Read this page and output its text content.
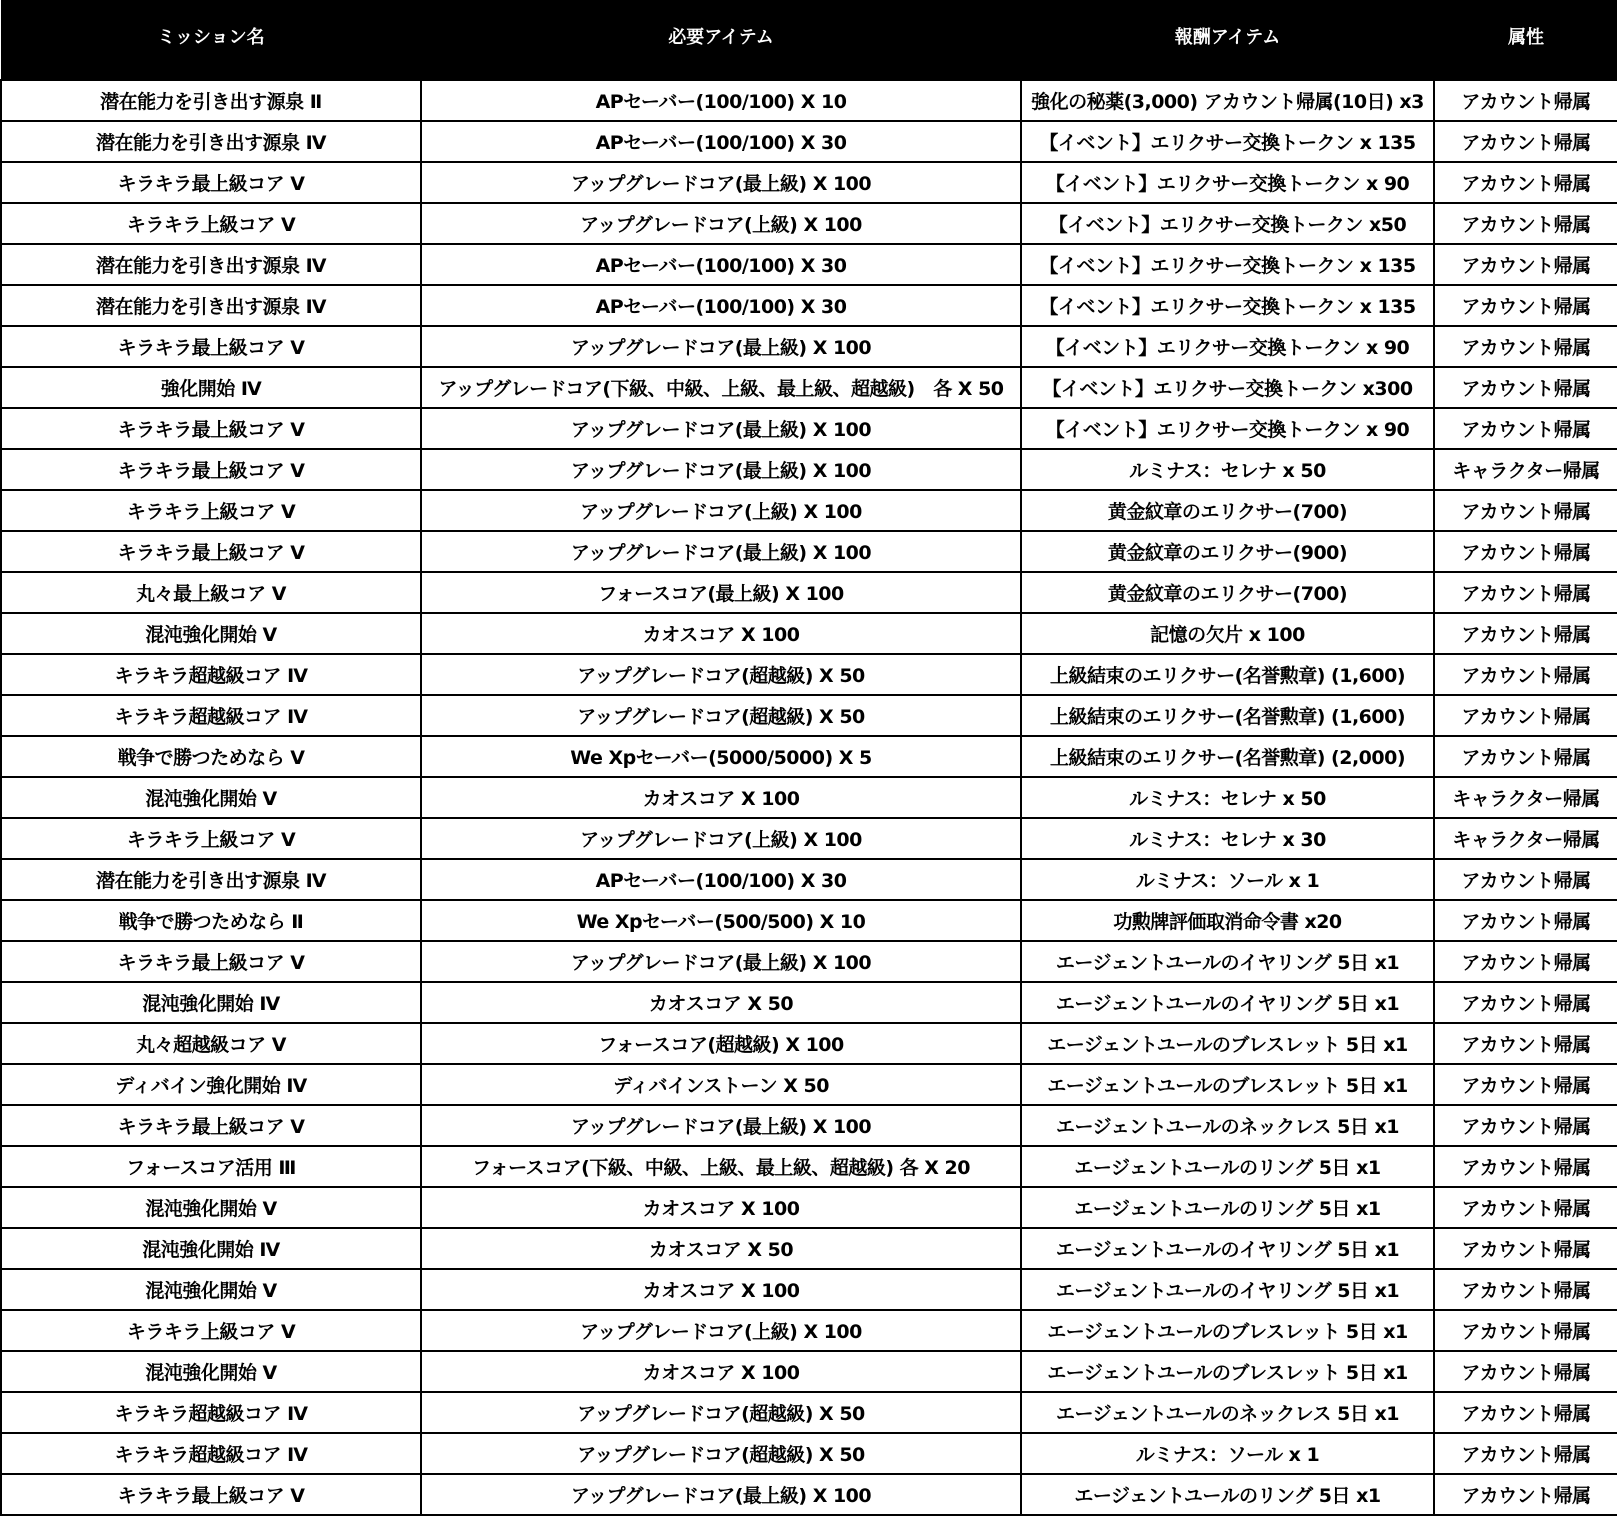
ミッション名	必要アイテム	報酬アイテム	属性
潜在能力を引き出す源泉 Ⅱ	APセーバー(100/100) X 10	強化の秘薬(3,000) アカウント帰属(10日) x3	アカウント帰属
潜在能力を引き出す源泉 Ⅳ	APセーバー(100/100) X 30	【イベント】エリクサー交換トークン x 135	アカウント帰属
キラキラ最上級コア V	アップグレードコア(最上級) X 100	【イベント】エリクサー交換トークン x 90	アカウント帰属
キラキラ上級コア V	アップグレードコア(上級) X 100	【イベント】エリクサー交換トークン x50	アカウント帰属
潜在能力を引き出す源泉 Ⅳ	APセーバー(100/100) X 30	【イベント】エリクサー交換トークン x 135	アカウント帰属
潜在能力を引き出す源泉 Ⅳ	APセーバー(100/100) X 30	【イベント】エリクサー交換トークン x 135	アカウント帰属
キラキラ最上級コア V	アップグレードコア(最上級) X 100	【イベント】エリクサー交換トークン x 90	アカウント帰属
強化開始 Ⅳ	アップグレードコア(下級、中級、上級、最上級、超越級)　各 X 50	【イベント】エリクサー交換トークン x300	アカウント帰属
キラキラ最上級コア V	アップグレードコア(最上級) X 100	【イベント】エリクサー交換トークン x 90	アカウント帰属
キラキラ最上級コア V	アップグレードコア(最上級) X 100	ルミナス：セレナ x 50	キャラクター帰属
キラキラ上級コア V	アップグレードコア(上級) X 100	黄金紋章のエリクサー(700)	アカウント帰属
キラキラ最上級コア V	アップグレードコア(最上級) X 100	黄金紋章のエリクサー(900)	アカウント帰属
丸々最上級コア V	フォースコア(最上級) X 100	黄金紋章のエリクサー(700)	アカウント帰属
混沌強化開始 V	カオスコア X 100	記憶の欠片 x 100	アカウント帰属
キラキラ超越級コア Ⅳ	アップグレードコア(超越級) X 50	上級結束のエリクサー(名誉勲章) (1,600)	アカウント帰属
キラキラ超越級コア Ⅳ	アップグレードコア(超越級) X 50	上級結束のエリクサー(名誉勲章) (1,600)	アカウント帰属
戦争で勝つためなら V	We Xpセーバー(5000/5000) X 5	上級結束のエリクサー(名誉勲章) (2,000)	アカウント帰属
混沌強化開始 V	カオスコア X 100	ルミナス：セレナ x 50	キャラクター帰属
キラキラ上級コア V	アップグレードコア(上級) X 100	ルミナス：セレナ x 30	キャラクター帰属
潜在能力を引き出す源泉 Ⅳ	APセーバー(100/100) X 30	ルミナス：ソール x 1	アカウント帰属
戦争で勝つためなら Ⅱ	We Xpセーバー(500/500) X 10	功勲牌評価取消命令書 x20	アカウント帰属
キラキラ最上級コア V	アップグレードコア(最上級) X 100	エージェントユールのイヤリング 5日 x1	アカウント帰属
混沌強化開始 Ⅳ	カオスコア X 50	エージェントユールのイヤリング 5日 x1	アカウント帰属
丸々超越級コア V	フォースコア(超越級) X 100	エージェントユールのブレスレット 5日 x1	アカウント帰属
ディバイン強化開始 Ⅳ	ディバインストーン X 50	エージェントユールのブレスレット 5日 x1	アカウント帰属
キラキラ最上級コア V	アップグレードコア(最上級) X 100	エージェントユールのネックレス 5日 x1	アカウント帰属
フォースコア活用 Ⅲ	フォースコア(下級、中級、上級、最上級、超越級) 各 X 20	エージェントユールのリング 5日 x1	アカウント帰属
混沌強化開始 V	カオスコア X 100	エージェントユールのリング 5日 x1	アカウント帰属
混沌強化開始 Ⅳ	カオスコア X 50	エージェントユールのイヤリング 5日 x1	アカウント帰属
混沌強化開始 V	カオスコア X 100	エージェントユールのイヤリング 5日 x1	アカウント帰属
キラキラ上級コア V	アップグレードコア(上級) X 100	エージェントユールのブレスレット 5日 x1	アカウント帰属
混沌強化開始 V	カオスコア X 100	エージェントユールのブレスレット 5日 x1	アカウント帰属
キラキラ超越級コア Ⅳ	アップグレードコア(超越級) X 50	エージェントユールのネックレス 5日 x1	アカウント帰属
キラキラ超越級コア Ⅳ	アップグレードコア(超越級) X 50	ルミナス：ソール x 1	アカウント帰属
キラキラ最上級コア V	アップグレードコア(最上級) X 100	エージェントユールのリング 5日 x1	アカウント帰属
